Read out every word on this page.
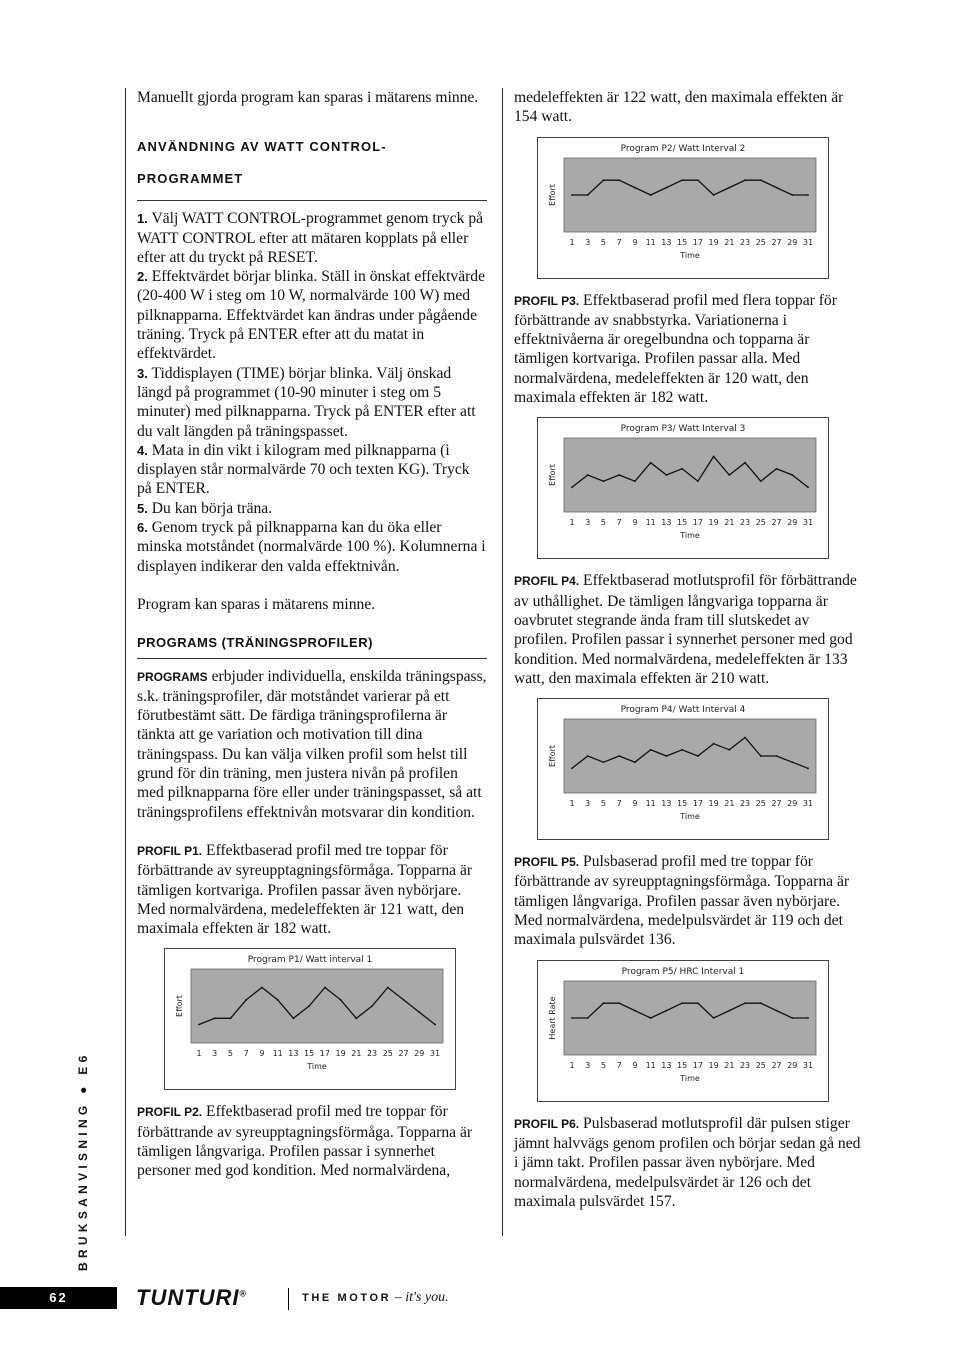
Manuellt gjorda program kan sparas i mätarens minne.

ANVÄNDNING AV WATT CONTROL-PROGRAMMET

1. Välj WATT CONTROL-programmet genom tryck på WATT CONTROL efter att mätaren kopplats på eller efter att du tryckt på RESET.

2. Effektvärdet börjar blinka. Ställ in önskat effektvärde (20-400 W i steg om 10 W, normalvärde 100 W) med pilknapparna. Effektvärdet kan ändras under pågående träning. Tryck på ENTER efter att du matat in effektvärdet.

3. Tiddisplayen (TIME) börjar blinka. Välj önskad längd på programmet (10-90 minuter i steg om 5 minuter) med pilknapparna. Tryck på ENTER efter att du valt längden på träningspasset.

4. Mata in din vikt i kilogram med pilknapparna (i displayen står normalvärde 70 och texten KG). Tryck på ENTER.

5. Du kan börja träna.

6. Genom tryck på pilknapparna kan du öka eller minska motståndet (normalvärde 100 %). Kolumnerna i displayen indikerar den valda effektnivån.

Program kan sparas i mätarens minne.

PROGRAMS (TRÄNINGSPROFILER)

PROGRAMS erbjuder individuella, enskilda träningspass, s.k. träningsprofiler, där motståndet varierar på ett förutbestämt sätt. De färdiga träningsprofilerna är tänkta att ge variation och motivation till dina träningspass. Du kan välja vilken profil som helst till grund för din träning, men justera nivån på profilen med pilknapparna före eller under träningspasset, så att träningsprofilens effektnivån motsvarar din kondition.

PROFIL P1. Effektbaserad profil med tre toppar för förbättrande av syreupptagningsförmåga. Topparna är tämligen kortvariga. Profilen passar även nybörjare. Med normalvärdena, medeleffekten är 121 watt, den maximala effekten är 182 watt.

Program P1/ Watt interval 1
Effort
1 3 5 7 9 11 13 15 17 19 21 23 25 27 29 31
Time

PROFIL P2. Effektbaserad profil med tre toppar för förbättrande av syreupptagningsförmåga. Topparna är tämligen långvariga. Profilen passar i synnerhet personer med god kondition. Med normalvärdena,

medeleffekten är 122 watt, den maximala effekten är 154 watt.

Program P2/ Watt Interval 2
Effort
1 3 5 7 9 11 13 15 17 19 21 23 25 27 29 31
Time

PROFIL P3. Effektbaserad profil med flera toppar för förbättrande av snabbstyrka. Variationerna i effektnivåerna är oregelbundna och topparna är tämligen kortvariga. Profilen passar alla. Med normalvärdena, medeleffekten är 120 watt, den maximala effekten är 182 watt.

Program P3/ Watt Interval 3
Effort
1 3 5 7 9 11 13 15 17 19 21 23 25 27 29 31
Time

PROFIL P4. Effektbaserad motlutsprofil för förbättrande av uthållighet. De tämligen långvariga topparna är oavbrutet stegrande ända fram till slutskedet av profilen. Profilen passar i synnerhet personer med god kondition. Med normalvärdena, medeleffekten är 133 watt, den maximala effekten är 210 watt.

Program P4/ Watt Interval 4
Effort
1 3 5 7 9 11 13 15 17 19 21 23 25 27 29 31
Time

PROFIL P5. Pulsbaserad profil med tre toppar för förbättrande av syreupptagningsförmåga. Topparna är tämligen långvariga. Profilen passar även nybörjare. Med normalvärdena, medelpulsvärdet är 119 och det maximala pulsvärdet 136.

Program P5/ HRC Interval 1
Heart Rate
1 3 5 7 9 11 13 15 17 19 21 23 25 27 29 31
Time

PROFIL P6. Pulsbaserad motlutsprofil där pulsen stiger jämnt halvvägs genom profilen och börjar sedan gå ned i jämn takt. Profilen passar även nybörjare. Med normalvärdena, medelpulsvärdet är 126 och det maximala pulsvärdet 157.

BRUKSANVISNING ● E6
62	TUNTURI®	THE MOTOR – it's you.
